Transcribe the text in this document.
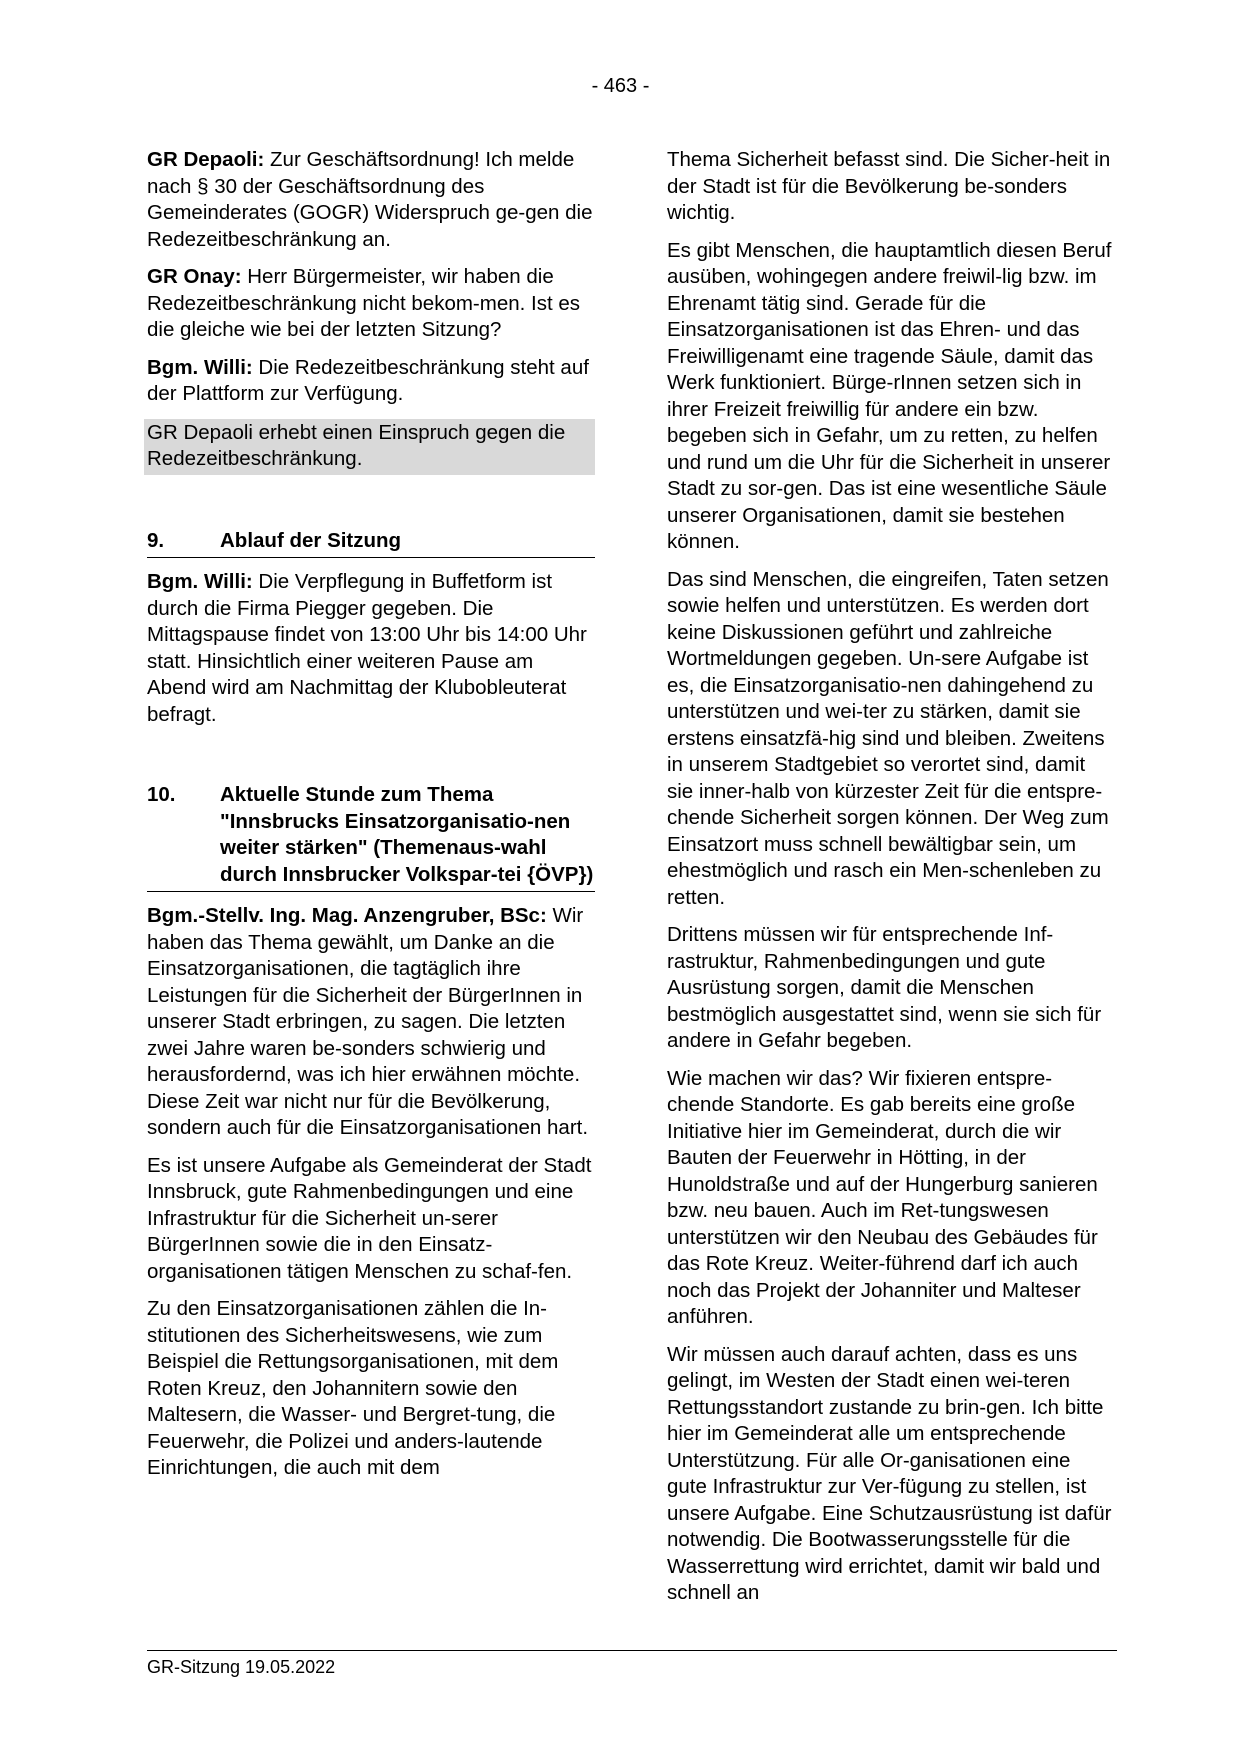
- 463 -

GR Depaoli: Zur Geschäftsordnung! Ich melde nach § 30 der Geschäftsordnung des Gemeinderates (GOGR) Widerspruch ge-gen die Redezeitbeschränkung an.

GR Onay: Herr Bürgermeister, wir haben die Redezeitbeschränkung nicht bekom-men. Ist es die gleiche wie bei der letzten Sitzung?

Bgm. Willi: Die Redezeitbeschränkung steht auf der Plattform zur Verfügung.

GR Depaoli erhebt einen Einspruch gegen die Redezeitbeschränkung.

9.	Ablauf der Sitzung

Bgm. Willi: Die Verpflegung in Buffetform ist durch die Firma Piegger gegeben. Die Mittagspause findet von 13:00 Uhr bis 14:00 Uhr statt. Hinsichtlich einer weiteren Pause am Abend wird am Nachmittag der Klubobleuterat befragt.

10.	Aktuelle Stunde zum Thema "Innsbrucks Einsatzorganisatio-nen weiter stärken" (Themenaus-wahl durch Innsbrucker Volkspar-tei {ÖVP})

Bgm.-Stellv. Ing. Mag. Anzengruber, BSc: Wir haben das Thema gewählt, um Danke an die Einsatzorganisationen, die tagtäglich ihre Leistungen für die Sicherheit der BürgerInnen in unserer Stadt erbringen, zu sagen. Die letzten zwei Jahre waren be-sonders schwierig und herausfordernd, was ich hier erwähnen möchte. Diese Zeit war nicht nur für die Bevölkerung, sondern auch für die Einsatzorganisationen hart.

Es ist unsere Aufgabe als Gemeinderat der Stadt Innsbruck, gute Rahmenbedingungen und eine Infrastruktur für die Sicherheit un-serer BürgerInnen sowie die in den Einsatz-organisationen tätigen Menschen zu schaf-fen.

Zu den Einsatzorganisationen zählen die In-stitutionen des Sicherheitswesens, wie zum Beispiel die Rettungsorganisationen, mit dem Roten Kreuz, den Johannitern sowie den Maltesern, die Wasser- und Bergret-tung, die Feuerwehr, die Polizei und anders-lautende Einrichtungen, die auch mit dem

Thema Sicherheit befasst sind. Die Sicher-heit in der Stadt ist für die Bevölkerung be-sonders wichtig.

Es gibt Menschen, die hauptamtlich diesen Beruf ausüben, wohingegen andere freiwil-lig bzw. im Ehrenamt tätig sind. Gerade für die Einsatzorganisationen ist das Ehren- und das Freiwilligenamt eine tragende Säule, damit das Werk funktioniert. Bürge-rInnen setzen sich in ihrer Freizeit freiwillig für andere ein bzw. begeben sich in Gefahr, um zu retten, zu helfen und rund um die Uhr für die Sicherheit in unserer Stadt zu sor-gen. Das ist eine wesentliche Säule unserer Organisationen, damit sie bestehen können.

Das sind Menschen, die eingreifen, Taten setzen sowie helfen und unterstützen. Es werden dort keine Diskussionen geführt und zahlreiche Wortmeldungen gegeben. Un-sere Aufgabe ist es, die Einsatzorganisatio-nen dahingehend zu unterstützen und wei-ter zu stärken, damit sie erstens einsatzfä-hig sind und bleiben. Zweitens in unserem Stadtgebiet so verortet sind, damit sie inner-halb von kürzester Zeit für die entspre-chende Sicherheit sorgen können. Der Weg zum Einsatzort muss schnell bewältigbar sein, um ehestmöglich und rasch ein Men-schenleben zu retten.

Drittens müssen wir für entsprechende Inf-rastruktur, Rahmenbedingungen und gute Ausrüstung sorgen, damit die Menschen bestmöglich ausgestattet sind, wenn sie sich für andere in Gefahr begeben.

Wie machen wir das? Wir fixieren entspre-chende Standorte. Es gab bereits eine große Initiative hier im Gemeinderat, durch die wir Bauten der Feuerwehr in Hötting, in der Hunoldstraße und auf der Hungerburg sanieren bzw. neu bauen. Auch im Ret-tungswesen unterstützen wir den Neubau des Gebäudes für das Rote Kreuz. Weiter-führend darf ich auch noch das Projekt der Johanniter und Malteser anführen.

Wir müssen auch darauf achten, dass es uns gelingt, im Westen der Stadt einen wei-teren Rettungsstandort zustande zu brin-gen. Ich bitte hier im Gemeinderat alle um entsprechende Unterstützung. Für alle Or-ganisationen eine gute Infrastruktur zur Ver-fügung zu stellen, ist unsere Aufgabe. Eine Schutzausrüstung ist dafür notwendig. Die Bootwasserungsstelle für die Wasserrettung wird errichtet, damit wir bald und schnell an

GR-Sitzung 19.05.2022
